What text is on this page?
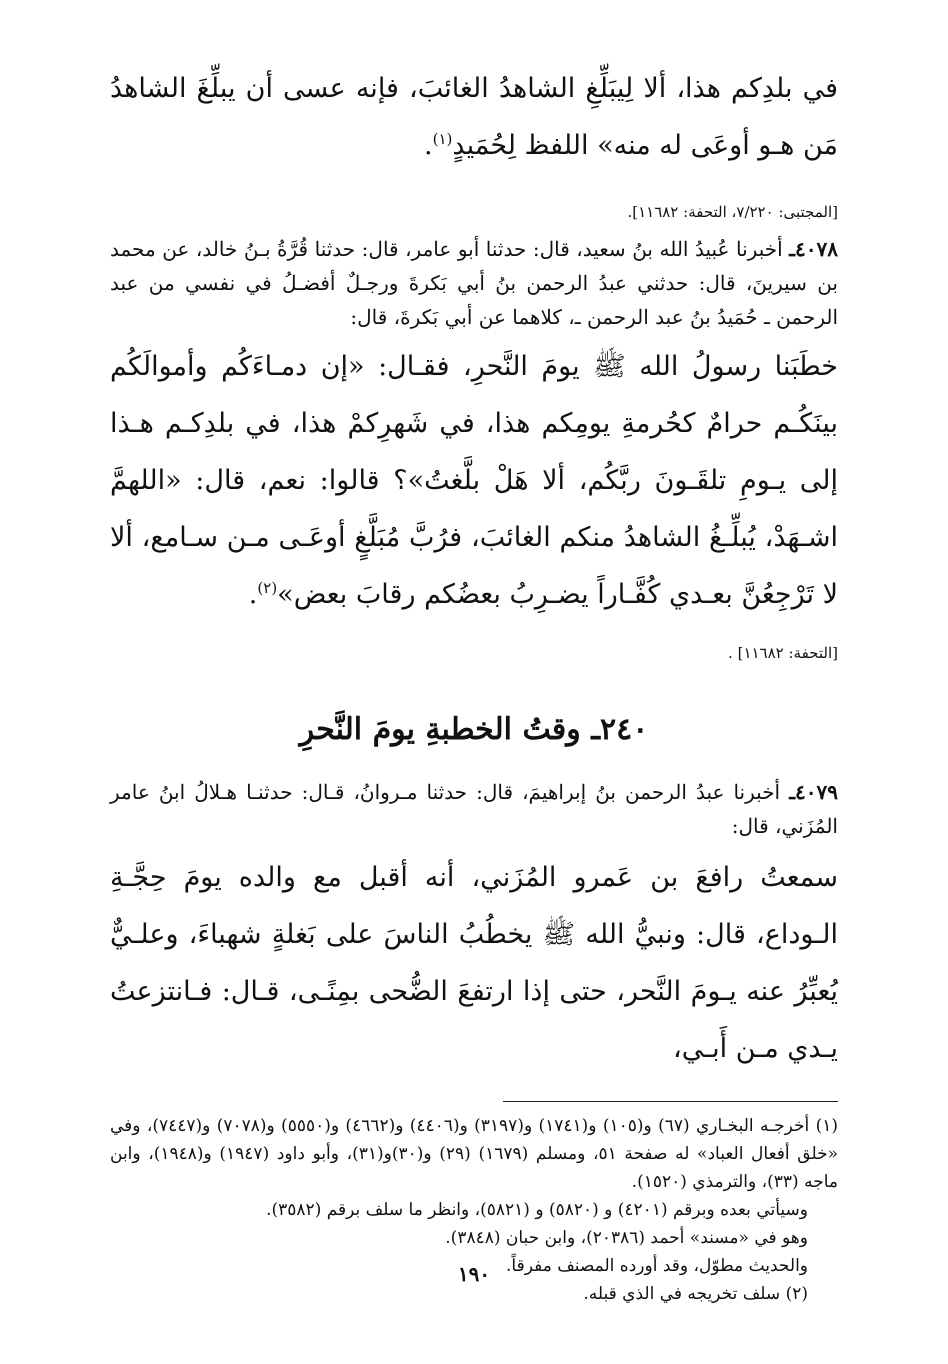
في بلدِكم هذا، ألا لِيبَلِّغِ الشاهدُ الغائبَ، فإنه عسى أن يبلِّغَ الشاهدُ مَن هـو أوعَى له منه» اللفظ لِحُمَيدٍ$^{(١)}$.

[المجتبى: ٧/٢٢٠، التحفة: ١١٦٨٢].

٤٠٧٨ـ أخبرنا عُبيدُ الله بنُ سعيد، قال: حدثنا أبو عامر، قال: حدثنا قُرَّةُ بـنُ خالد، عن محمد بن سيرينَ، قال: حدثني عبدُ الرحمن بنُ أبي بَكرةَ ورجـلٌ أفضـلُ في نفسي من عبد الرحمن ـ حُمَيدُ بنُ عبد الرحمن ـ، كلاهما عن أبي بَكرةَ، قال:

خطَبَنا رسولُ الله ﷺ يومَ النَّحرِ، فقـال: «إن دمـاءَكُم وأموالَكُم بينَكُـم حرامٌ كحُرمةِ يومِكم هذا، في شَهرِكمْ هذا، في بلدِكـم هـذا إلى يـومِ تلقَـونَ ربَّكُم، ألا هَلْ بلَّغتُ»؟ قالوا: نعم، قال: «اللهمَّ اشـهَدْ، يُبلِّـغُ الشاهدُ منكم الغائبَ، فرُبَّ مُبَلَّغٍ أوعَـى مـن سـامع، ألا لا تَرْجِعُنَّ بعـدي كُفَّـاراً يضـرِبُ بعضُكم رقابَ بعض»$^{(٢)}$.

[التحفة: ١١٦٨٢] .

٢٤٠ـ وقتُ الخطبةِ يومَ النَّحرِ

٤٠٧٩ـ أخبرنا عبدُ الرحمن بنُ إبراهيمَ، قال: حدثنا مـروانُ، قـال: حدثنـا هـلالُ ابنُ عامر المُزَني، قال:

سمعتُ رافعَ بن عَمرو المُزَني، أنه أقبل مع والده يومَ حِجَّـةِ الـوداع، قال: ونبيُّ الله ﷺ يخطُبُ الناسَ على بَغلةٍ شهباءَ، وعلـيٌّ يُعبِّرُ عنه يـومَ النَّحر، حتى إذا ارتفعَ الضُّحى بمِنًـى، قـال: فـانتزعتُ يـدي مـن أَبـي،

(١) أخرجـه البخـاري (٦٧) و(١٠٥) و(١٧٤١) و(٣١٩٧) و(٤٤٠٦) و(٤٦٦٢) و(٥٥٥٠) و(٧٠٧٨) و(٧٤٤٧)، وفي «خلق أفعال العباد» له صفحة ٥١، ومسلم (١٦٧٩) (٢٩) و(٣٠)و(٣١)، وأبو داود (١٩٤٧) و(١٩٤٨)، وابن ماجه (٣٣)، والترمذي (١٥٢٠).

وسيأتي بعده وبرقم (٤٢٠١) و (٥٨٢٠) و (٥٨٢١)، وانظر ما سلف برقم (٣٥٨٢).

وهو في «مسند» أحمد (٢٠٣٨٦)، وابن حبان (٣٨٤٨).

والحديث مطوّل، وقد أورده المصنف مفرقاً.

(٢) سلف تخريجه في الذي قبله.

١٩٠
